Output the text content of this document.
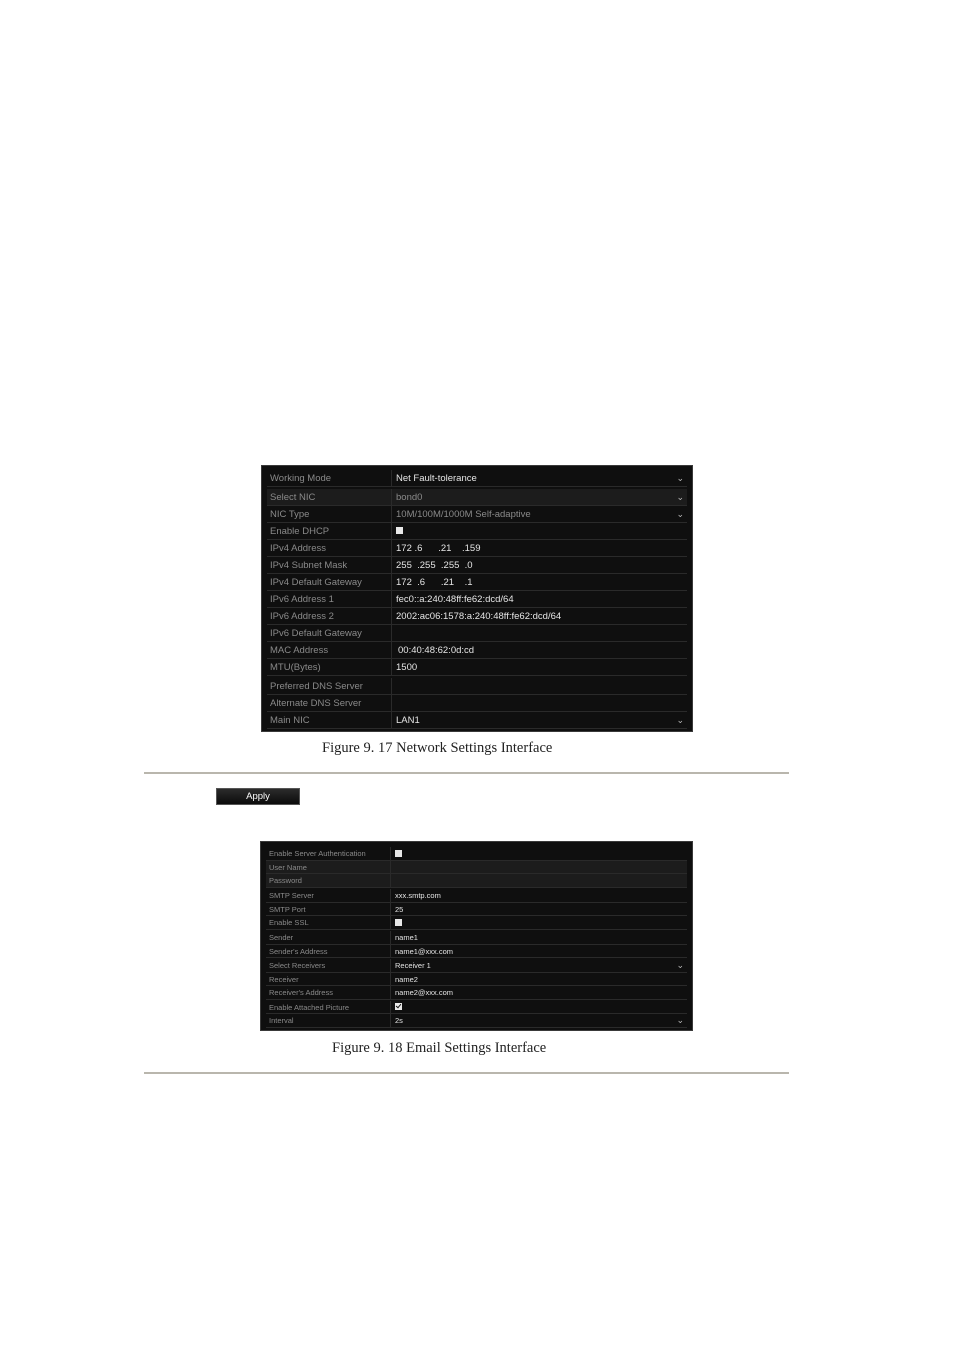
Working Mode	Net Fault-tolerance	⌄
Select NIC	bond0	⌄
NIC Type	10M/100M/1000M Self-adaptive	⌄
Enable DHCP
IPv4 Address	172 .6      .21    .159
IPv4 Subnet Mask	255  .255  .255  .0
IPv4 Default Gateway	172  .6      .21    .1
IPv6 Address 1	fec0::a:240:48ff:fe62:dcd/64
IPv6 Address 2	2002:ac06:1578:a:240:48ff:fe62:dcd/64
IPv6 Default Gateway
MAC Address	00:40:48:62:0d:cd
MTU(Bytes)	1500
Preferred DNS Server
Alternate DNS Server
Main NIC	LAN1	⌄
Figure 9. 17 Network Settings Interface
Apply
Enable Server Authentication
User Name
Password
SMTP Server	xxx.smtp.com
SMTP Port	25
Enable SSL
Sender	name1
Sender's Address	name1@xxx.com
Select Receivers	Receiver 1	⌄
Receiver	name2
Receiver's Address	name2@xxx.com
Enable Attached Picture
Interval	2s	⌄
Figure 9. 18 Email Settings Interface
